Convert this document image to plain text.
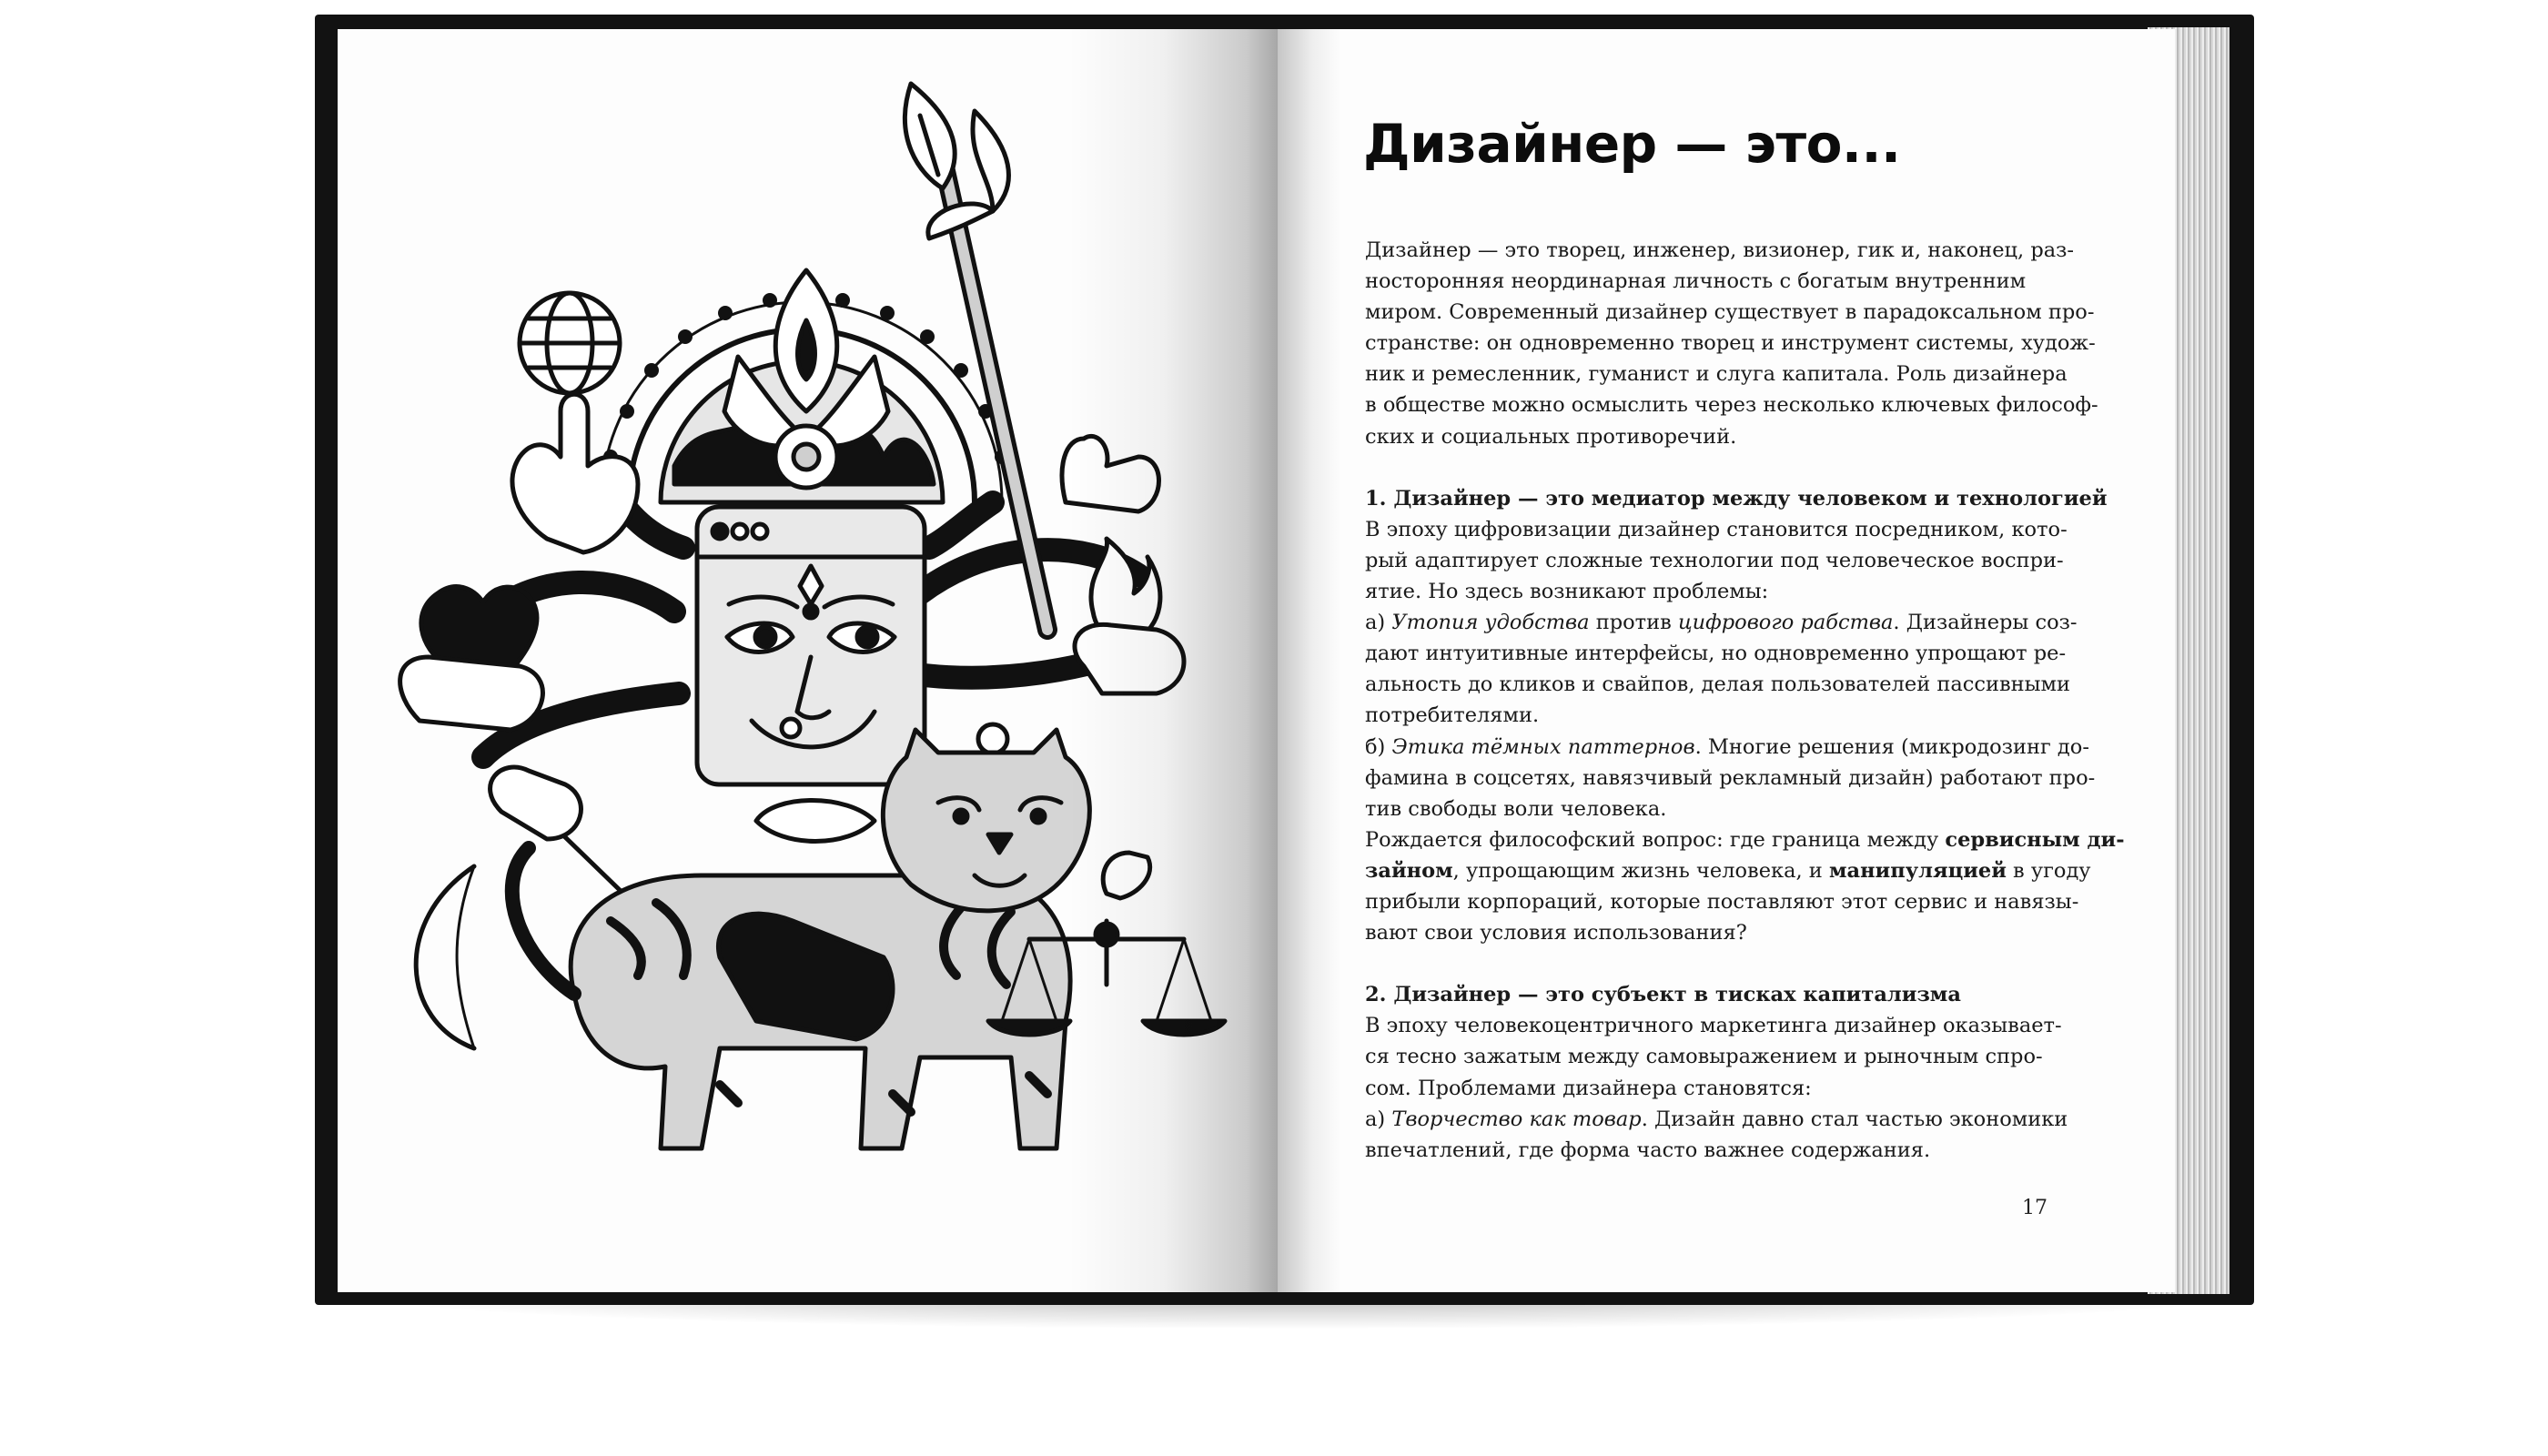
Дизайнер — это...
Дизайнер — это творец, инженер, визионер, гик и, наконец, раз-
носторонняя неординарная личность с богатым внутренним
миром. Современный дизайнер существует в парадоксальном про-
странстве: он одновременно творец и инструмент системы, худож-
ник и ремесленник, гуманист и слуга капитала. Роль дизайнера
в обществе можно осмыслить через несколько ключевых философ-
ских и социальных противоречий.
1. Дизайнер — это медиатор между человеком и технологией
В эпоху цифровизации дизайнер становится посредником, кото-
рый адаптирует сложные технологии под человеческое воспри-
ятие. Но здесь возникают проблемы:
а) Утопия удобства против цифрового рабства. Дизайнеры соз-
дают интуитивные интерфейсы, но одновременно упрощают ре-
альность до кликов и свайпов, делая пользователей пассивными
потребителями.
б) Этика тёмных паттернов. Многие решения (микродозинг до-
фамина в соцсетях, навязчивый рекламный дизайн) работают про-
тив свободы воли человека.
Рождается философский вопрос: где граница между сервисным ди-
зайном, упрощающим жизнь человека, и манипуляцией в угоду
прибыли корпораций, которые поставляют этот сервис и навязы-
вают свои условия использования?
2. Дизайнер — это субъект в тисках капитализма
В эпоху человекоцентричного маркетинга дизайнер оказывает-
ся тесно зажатым между самовыражением и рыночным спро-
сом. Проблемами дизайнера становятся:
а) Творчество как товар. Дизайн давно стал частью экономики
впечатлений, где форма часто важнее содержания.
17
